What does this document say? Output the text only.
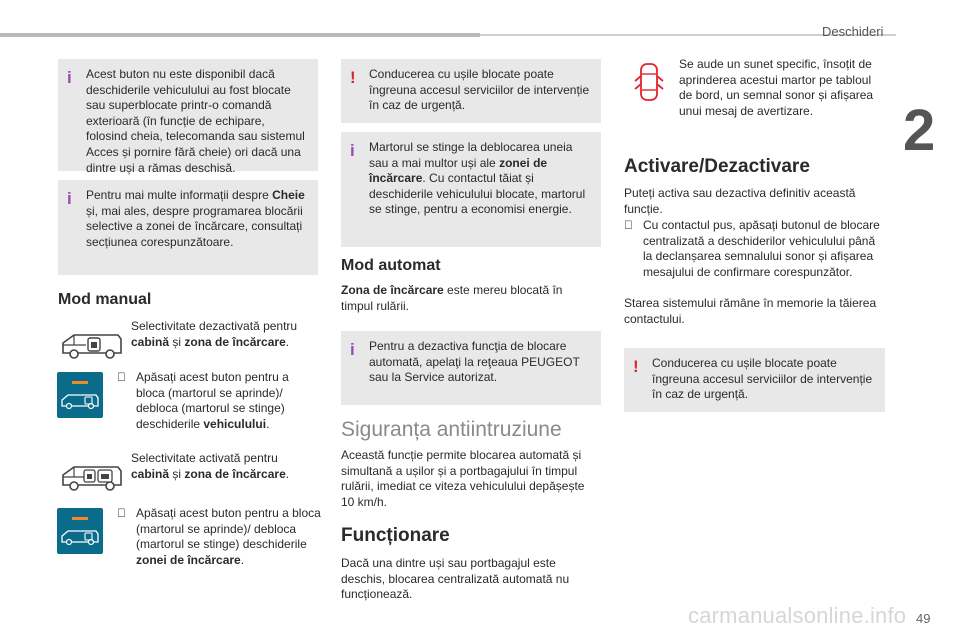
Deschideri
2
i Acest buton nu este disponibil dacă deschiderile vehiculului au fost blocate sau superblocate printr-o comandă exterioară (în funcție de echipare, folosind cheia, telecomanda sau sistemul Acces și pornire fără cheie) ori dacă una dintre uși a rămas deschisă.
i Pentru mai multe informații despre Cheie și, mai ales, despre programarea blocării selective a zonei de încărcare, consultați secțiunea corespunzătoare.
Mod manual
Selectivitate dezactivată pentru cabină și zona de încărcare.
Apăsați acest buton pentru a bloca (martorul se aprinde)/ debloca (martorul se stinge) deschiderile vehiculului.
Selectivitate activată pentru cabină și zona de încărcare.
Apăsați acest buton pentru a bloca (martorul se aprinde)/ debloca (martorul se stinge) deschiderile zonei de încărcare.
! Conducerea cu ușile blocate poate îngreuna accesul serviciilor de intervenție în caz de urgență.
i Martorul se stinge la deblocarea uneia sau a mai multor uși ale zonei de încărcare. Cu contactul tăiat și deschiderile vehiculului blocate, martorul se stinge, pentru a economisi energie.
Mod automat
Zona de încărcare este mereu blocată în timpul rulării.
i Pentru a dezactiva funcţia de blocare automată, apelaţi la reţeaua PEUGEOT sau la Service autorizat.
Siguranța antiintruziune
Această funcție permite blocarea automată și simultană a ușilor și a portbagajului în timpul rulării, imediat ce viteza vehiculului depășește 10 km/h.
Funcționare
Dacă una dintre uși sau portbagajul este deschis, blocarea centralizată automată nu funcționează.
Se aude un sunet specific, însoțit de aprinderea acestui martor pe tabloul de bord, un semnal sonor și afișarea unui mesaj de avertizare.
Activare/Dezactivare
Puteți activa sau dezactiva definitiv această funcție.
Cu contactul pus, apăsați butonul de blocare centralizată a deschiderilor vehiculului până la declanșarea semnalului sonor și afișarea mesajului de confirmare corespunzător.
Starea sistemului rămâne în memorie la tăierea contactului.
! Conducerea cu ușile blocate poate îngreuna accesul serviciilor de intervenție în caz de urgență.
carmanualsonline.info 49
